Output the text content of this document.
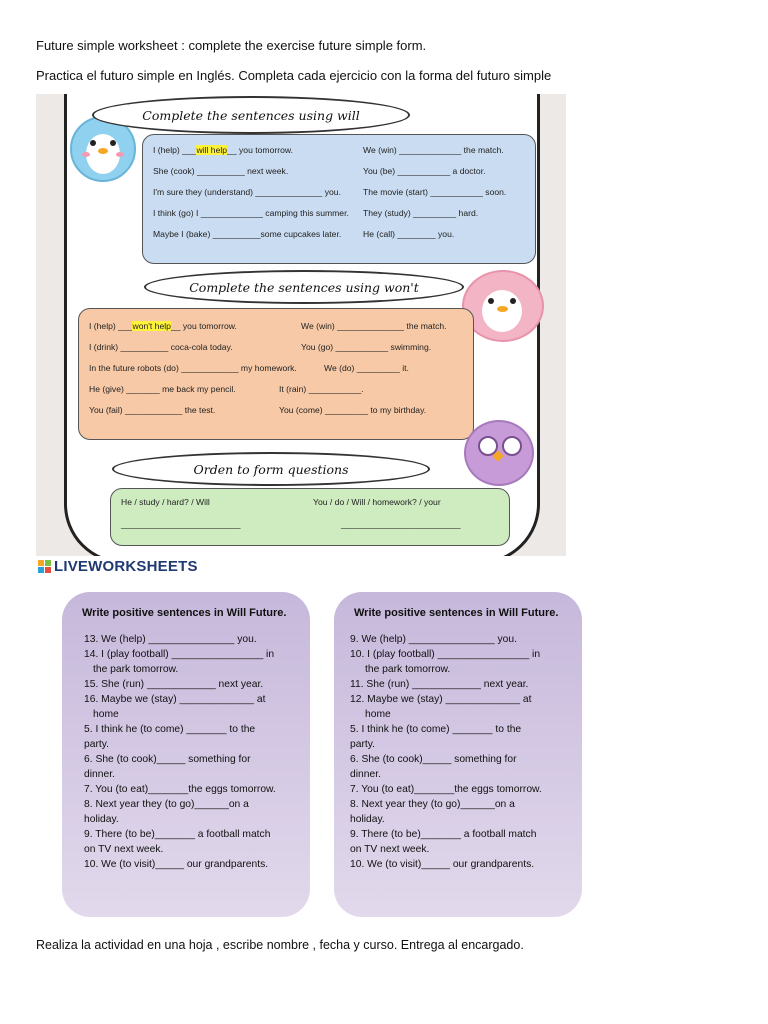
Future simple worksheet : complete the exercise future simple form.
Practica el futuro simple en Inglés. Completa cada ejercicio con la forma del futuro simple
Complete the sentences using will
I (help) ___will help__ you tomorrow.
She (cook) __________ next week.
I'm sure they (understand) ______________ you.
I think (go) I _____________ camping this summer.
Maybe I (bake) __________some cupcakes later.
We (win) _____________ the match.
You (be) ___________ a doctor.
The movie (start) ___________ soon.
They (study) _________ hard.
He (call) ________ you.
Complete the sentences using won't
I (help) ___won't help__ you tomorrow.
I (drink) __________ coca-cola today.
In the future robots (do) ____________ my homework.
He (give) _______ me back my pencil.
You (fail) ____________ the test.
We (win) ______________ the match.
You (go) ___________ swimming.
We (do) _________ it.
It (rain) ___________.
You (come) _________ to my birthday.
Orden to form questions
He / study / hard? / Will	You / do / Will / homework? / your
_________________________	_________________________
LIVEWORKSHEETS
Write positive sentences in Will Future.
13. We (help) _______________ you.
14. I (play football) ________________ in
the park tomorrow.
15. She (run) ____________ next year.
16. Maybe we (stay) _____________ at
home
5. I think he (to come) _______ to the
party.
6. She (to cook)_____ something for
dinner.
7. You (to eat)_______the eggs tomorrow.
8. Next year they (to go)______on a
holiday.
9. There (to be)_______ a football match
on TV next week.
10. We (to visit)_____ our grandparents.
Write positive sentences in Will Future.
9. We (help) _______________ you.
10. I (play football) ________________ in
the park tomorrow.
11. She (run) ____________ next year.
12. Maybe we (stay) _____________ at
home
5. I think he (to come) _______ to the
party.
6. She (to cook)_____ something for
dinner.
7. You (to eat)_______the eggs tomorrow.
8. Next year they (to go)______on a
holiday.
9. There (to be)_______ a football match
on TV next week.
10. We (to visit)_____ our grandparents.
Realiza la actividad en una hoja , escribe nombre , fecha y curso. Entrega al encargado.
